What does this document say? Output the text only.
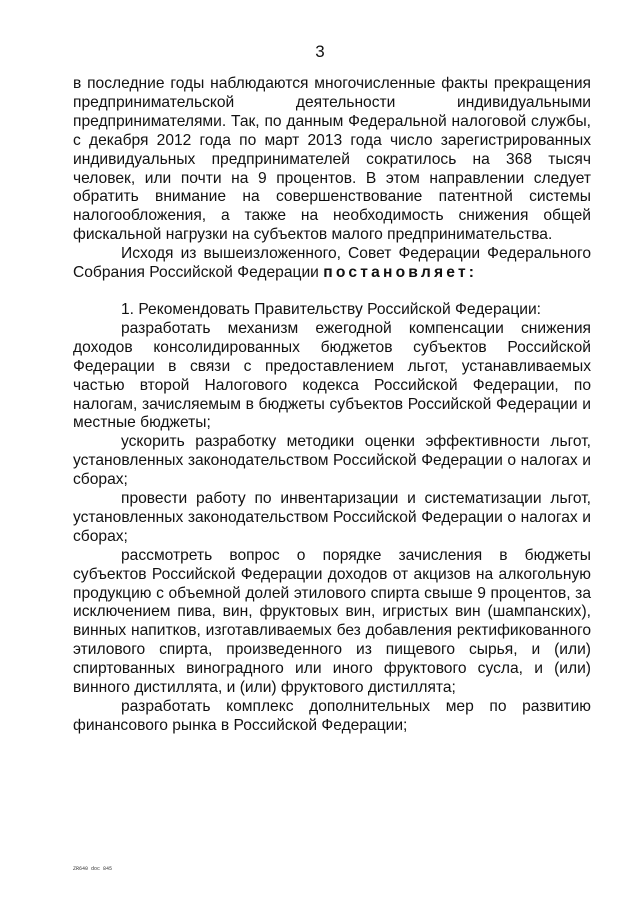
3

в последние годы наблюдаются многочисленные факты прекращения предпринимательской деятельности индивидуальными предпринимателями. Так, по данным Федеральной налоговой службы, с декабря 2012 года по март 2013 года число зарегистрированных индивидуальных предпринимателей сократилось на 368 тысяч человек, или почти на 9 процентов. В этом направлении следует обратить внимание на совершенствование патентной системы налогообложения, а также на необходимость снижения общей фискальной нагрузки на субъектов малого предпринимательства.

Исходя из вышеизложенного, Совет Федерации Федерального Собрания Российской Федерации постановляет:

1. Рекомендовать Правительству Российской Федерации:

разработать механизм ежегодной компенсации снижения доходов консолидированных бюджетов субъектов Российской Федерации в связи с предоставлением льгот, устанавливаемых частью второй Налогового кодекса Российской Федерации, по налогам, зачисляемым в бюджеты субъектов Российской Федерации и местные бюджеты;

ускорить разработку методики оценки эффективности льгот, установленных законодательством Российской Федерации о налогах и сборах;

провести работу по инвентаризации и систематизации льгот, установленных законодательством Российской Федерации о налогах и сборах;

рассмотреть вопрос о порядке зачисления в бюджеты субъектов Российской Федерации доходов от акцизов на алкогольную продукцию с объемной долей этилового спирта свыше 9 процентов, за исключением пива, вин, фруктовых вин, игристых вин (шампанских), винных напитков, изготавливаемых без добавления ректификованного этилового спирта, произведенного из пищевого сырья, и (или) спиртованных виноградного или иного фруктового сусла, и (или) винного дистиллята, и (или) фруктового дистиллята;

разработать комплекс дополнительных мер по развитию финансового рынка в Российской Федерации;

ZR640 doc 845
